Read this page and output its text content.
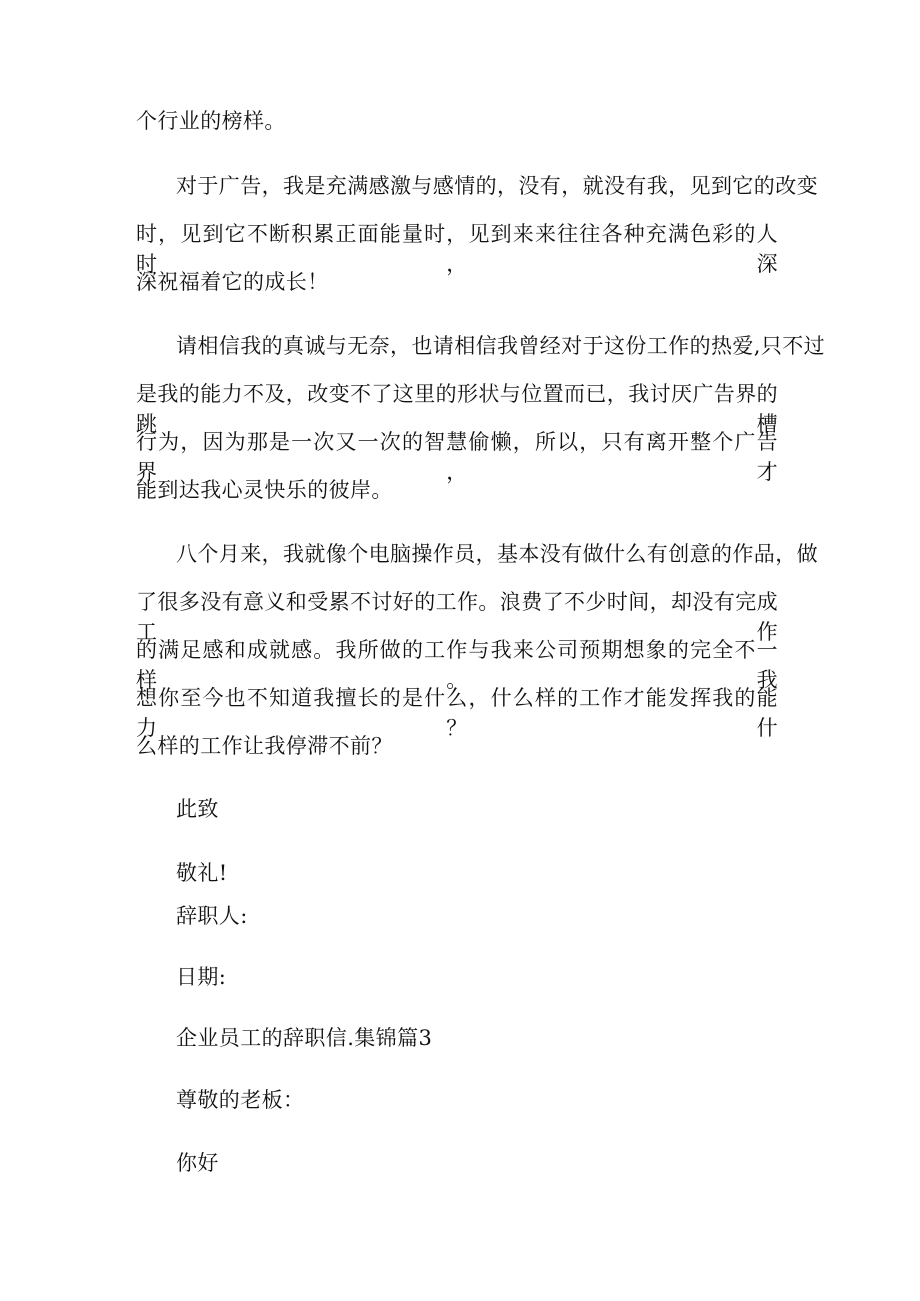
个行业的榜样。
对于广告，我是充满感激与感情的，没有，就没有我，见到它的改变
时，见到它不断积累正面能量时，见到来来往往各种充满色彩的人时，深
深祝福着它的成长！
请相信我的真诚与无奈，也请相信我曾经对于这份工作的热爱,只不过
是我的能力不及，改变不了这里的形状与位置而已，我讨厌广告界的跳槽
行为，因为那是一次又一次的智慧偷懒，所以，只有离开整个广告界，才
能到达我心灵快乐的彼岸。
八个月来，我就像个电脑操作员，基本没有做什么有创意的作品，做
了很多没有意义和受累不讨好的工作。浪费了不少时间，却没有完成工作
的满足感和成就感。我所做的工作与我来公司预期想象的完全不一样。我
想你至今也不知道我擅长的是什么，什么样的工作才能发挥我的能力？什
么样的工作让我停滞不前？
此致
敬礼!
辞职人:
日期:
企业员工的辞职信.集锦篇3
尊敬的老板：
你好
